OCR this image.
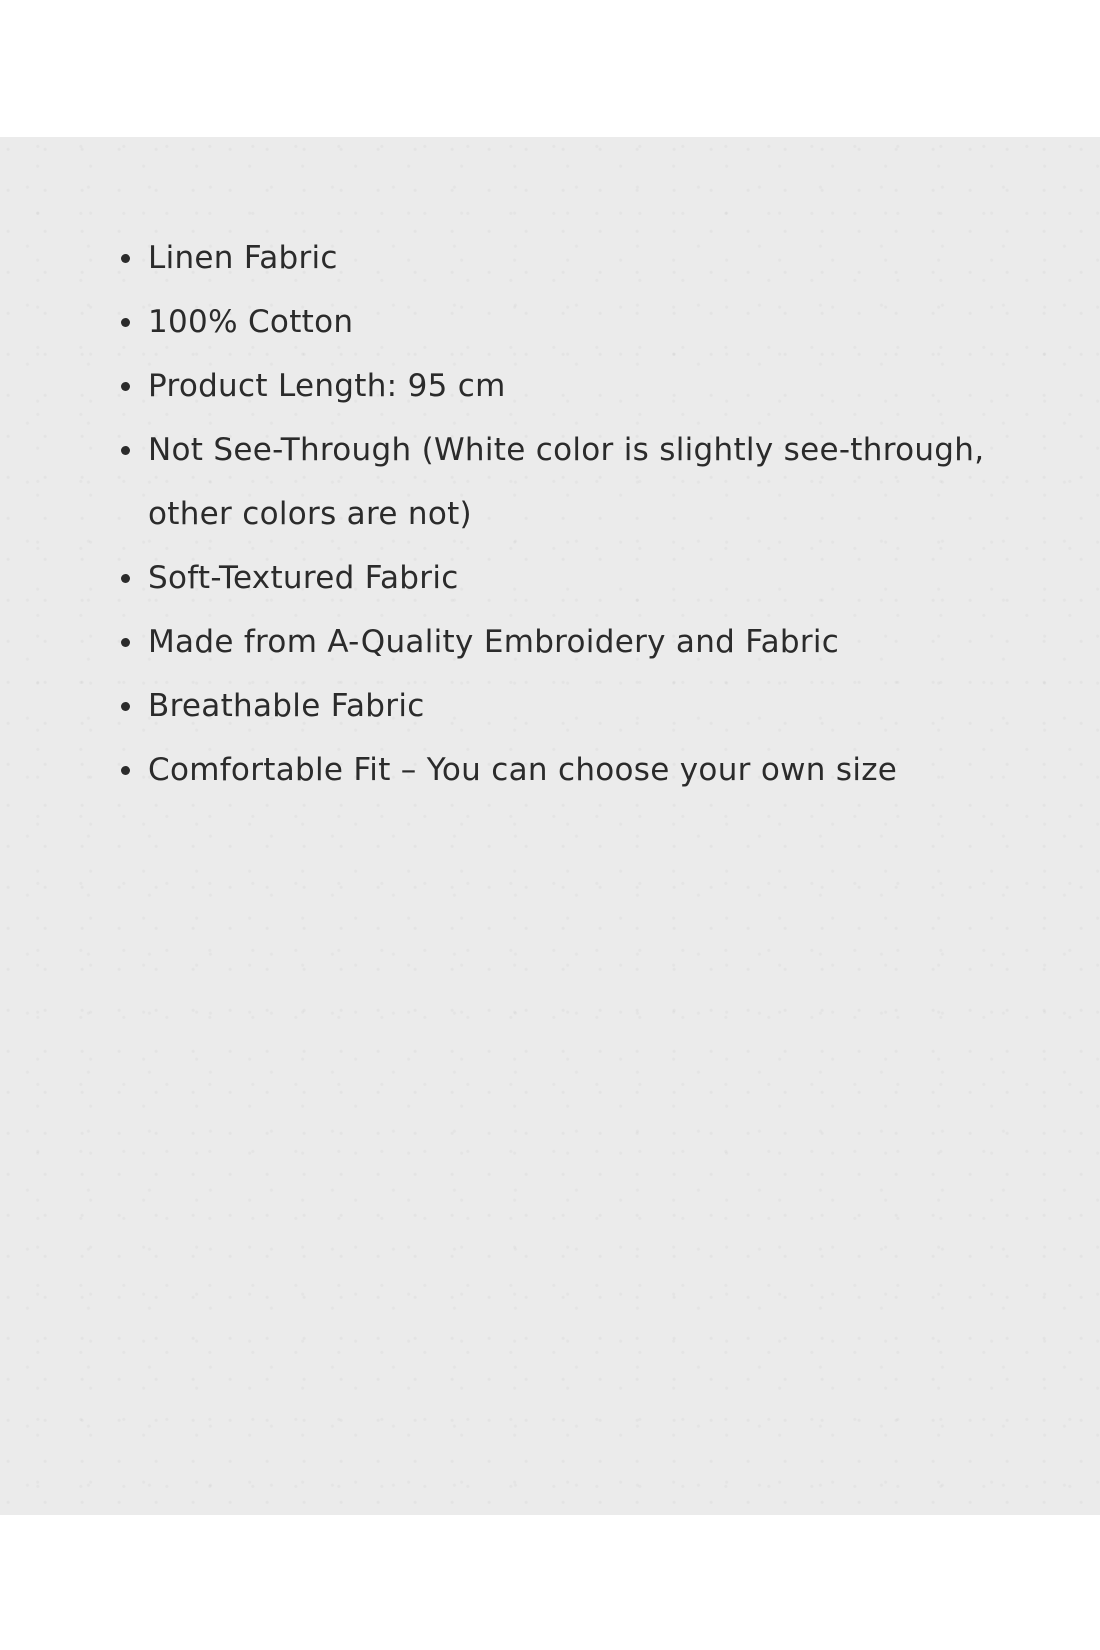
Linen Fabric
100% Cotton
Product Length: 95 cm
Not See-Through (White color is slightly see-through, other colors are not)
Soft-Textured Fabric
Made from A-Quality Embroidery and Fabric
Breathable Fabric
Comfortable Fit – You can choose your own size
